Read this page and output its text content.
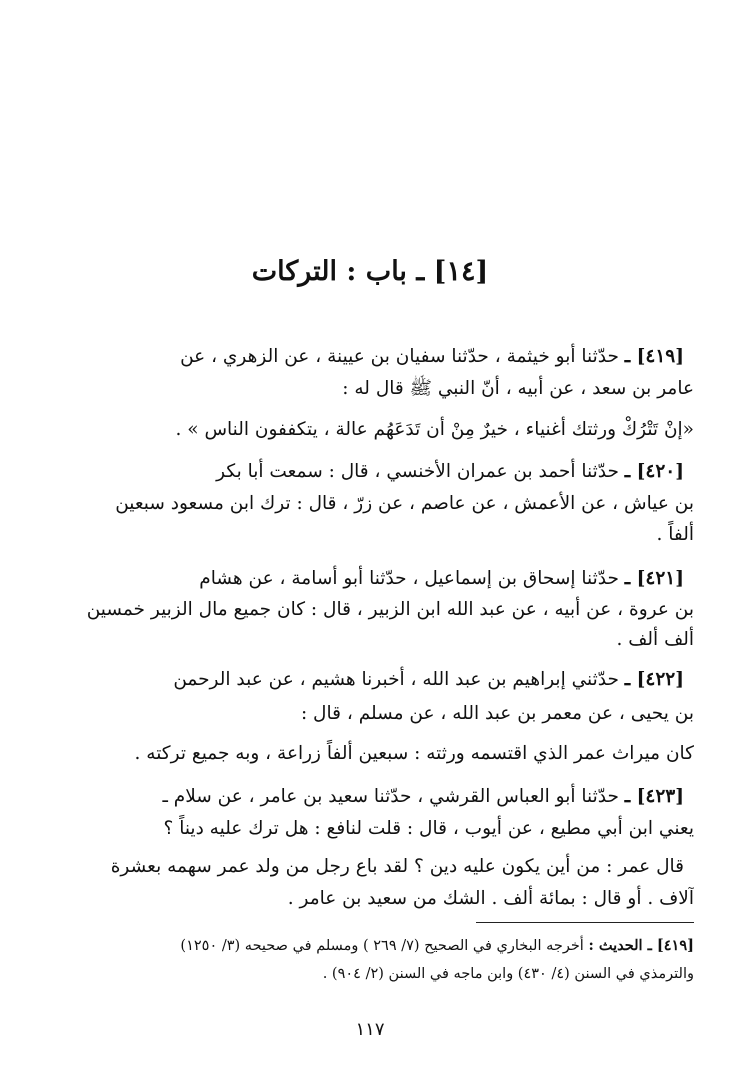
[١٤] ـ باب : التركات
[٤١٩] ـ حدّثنا أبو خيثمة ، حدّثنا سفيان بن عيينة ، عن الزهري ، عن
عامر بن سعد ، عن أبيه ، أنّ النبي ﷺ قال له :
«إنْ تَتْرُكْ ورثتك أغنياء ، خيرٌ مِنْ أن تَدَعَهُم عالة ، يتكففون الناس » .
[٤٢٠] ـ حدّثنا أحمد بن عمران الأخنسي ، قال : سمعت أبا بكر
بن عياش ، عن الأعمش ، عن عاصم ، عن زرّ ، قال : ترك ابن مسعود سبعين
ألفاً .
[٤٢١] ـ حدّثنا إسحاق بن إسماعيل ، حدّثنا أبو أسامة ، عن هشام
بن عروة ، عن أبيه ، عن عبد الله ابن الزبير ، قال : كان جميع مال الزبير خمسين
ألف ألف .
[٤٢٢] ـ حدّثني إبراهيم بن عبد الله ، أخبرنا هشيم ، عن عبد الرحمن
بن يحيى ، عن معمر بن عبد الله ، عن مسلم ، قال :
كان ميراث عمر الذي اقتسمه ورثته : سبعين ألفاً زراعة ، وبه جميع تركته .
[٤٢٣] ـ حدّثنا أبو العباس القرشي ، حدّثنا سعيد بن عامر ، عن سلام ـ
يعني ابن أبي مطيع ، عن أيوب ، قال : قلت لنافع : هل ترك عليه ديناً ؟
قال عمر : من أين يكون عليه دين ؟ لقد باع رجل من ولد عمر سهمه بعشرة
آلاف . أو قال : بمائة ألف . الشك من سعيد بن عامر .
[٤١٩] ـ الحديث : أخرجه البخاري في الصحيح (٧/ ٢٦٩ ) ومسلم في صحيحه (٣/ ١٢٥٠)
والترمذي في السنن (٤/ ٤٣٠) وابن ماجه في السنن (٢/ ٩٠٤) .
١١٧
